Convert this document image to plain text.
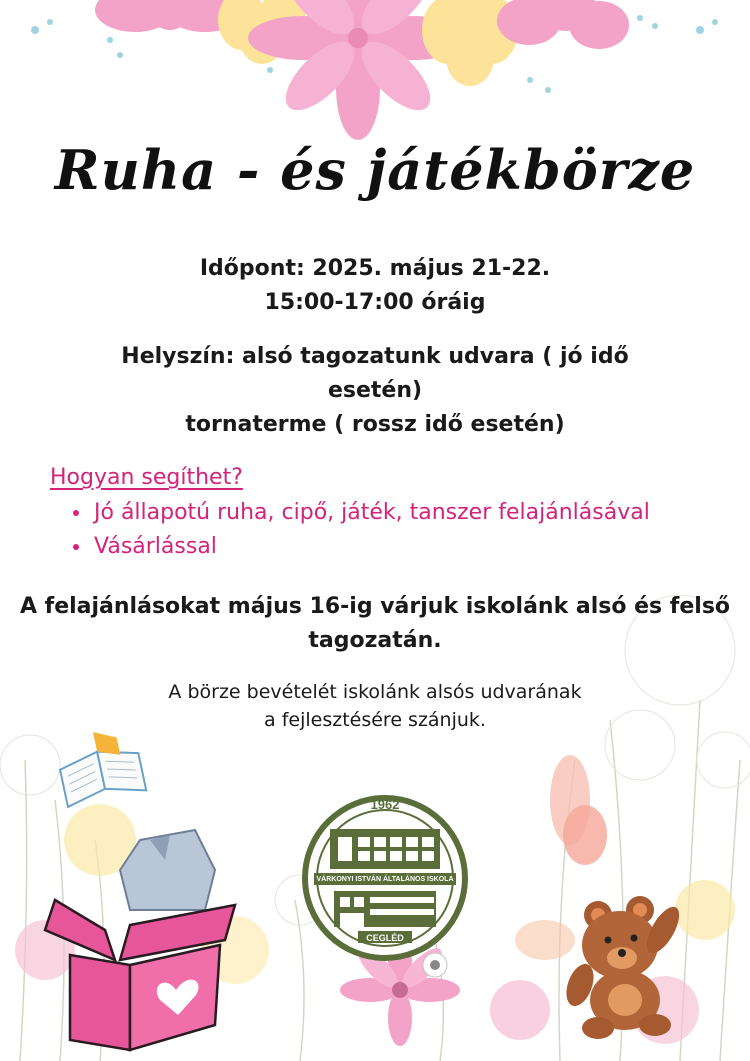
1962
VÁRKONYI ISTVÁN ÁLTALÁNOS ISKOLA
CEGLÉD
Ruha - és játékbörze
Időpont: 2025. május 21-22.
15:00-17:00 óráig
Helyszín: alsó tagozatunk udvara ( jó idő
esetén)
tornaterme ( rossz idő esetén)
Hogyan segíthet?
• Jó állapotú ruha, cipő, játék, tanszer felajánlásával
• Vásárlással
A felajánlásokat május 16-ig várjuk iskolánk alsó és felső
tagozatán.
A börze bevételét iskolánk alsós udvarának
a fejlesztésére szánjuk.
